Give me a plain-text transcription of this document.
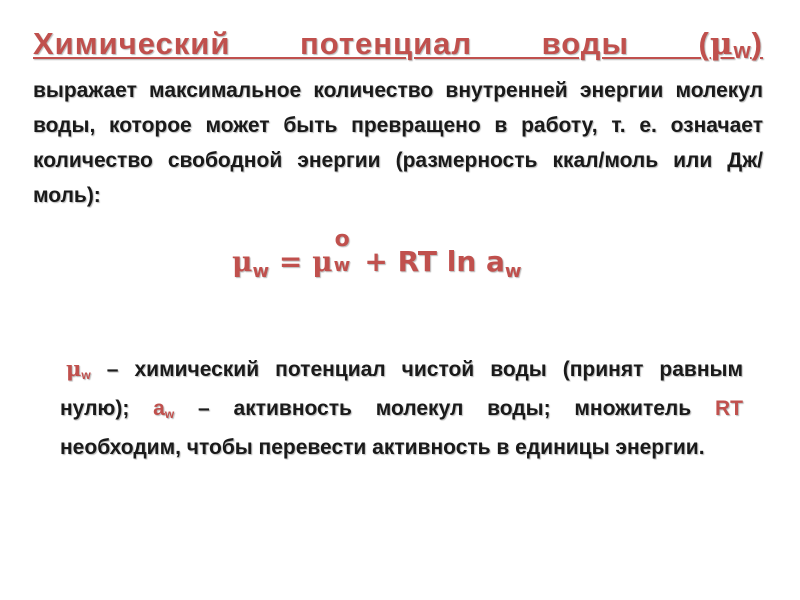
Химический потенциал воды $(\mu_w)$
выражает максимальное количество внутренней энергии молекул воды, которое может быть превращено в работу, т. е. означает количество свободной энергии (размерность ккал/моль или Дж/моль):
$\mu_w = \mu$
o
w + RT $\ln a_w$
$\mu_w$ – химический потенциал чистой воды (принят равным нулю); $a_w$ – активность молекул воды; множитель RT необходим, чтобы перевести активность в единицы энергии.
